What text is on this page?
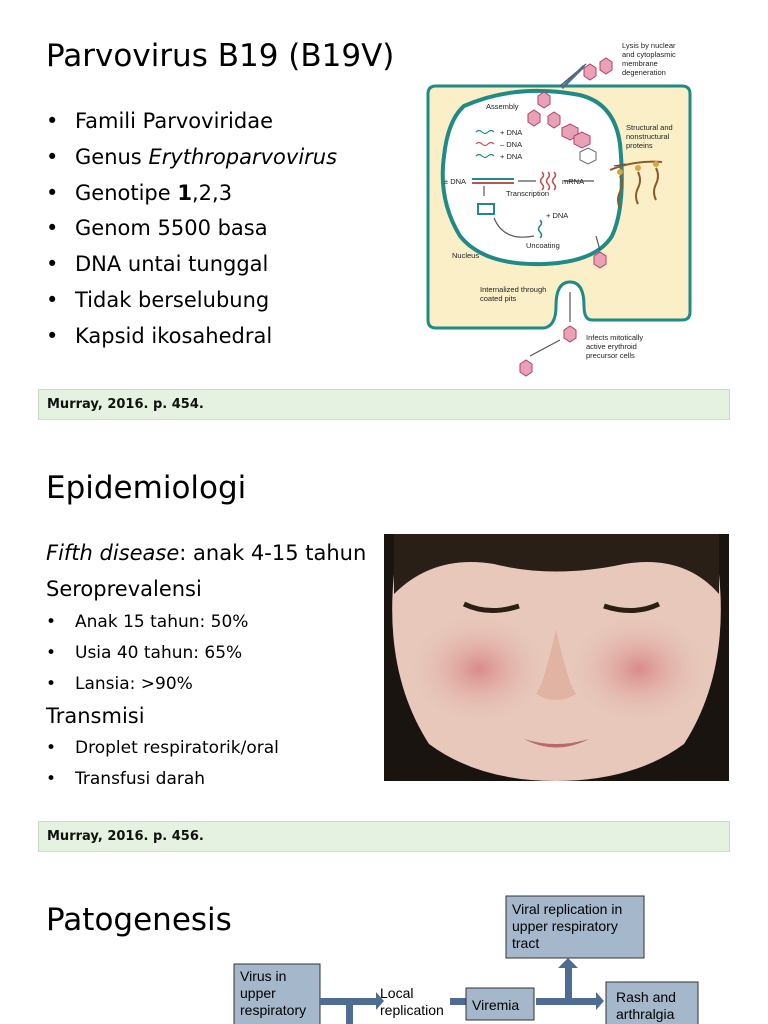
Parvovirus B19 (B19V)
• Famili Parvoviridae
• Genus Erythroparvovirus
• Genotipe 1,2,3
• Genom 5500 basa
• DNA untai tunggal
• Tidak berselubung
• Kapsid ikosahedral
Lysis by nuclear
and cytoplasmic
membrane
degeneration
Assembly
+ DNA
– DNA
+ DNA
± DNA
Transcription
mRNA
+ DNA
Uncoating
Nucleus
Structural and
nonstructural
proteins
Internalized through
coated pits
Infects mitotically
active erythroid
precursor cells
Murray, 2016. p. 454.
Epidemiologi
Fifth disease: anak 4-15 tahun
Seroprevalensi
• Anak 15 tahun: 50%
• Usia 40 tahun: 65%
• Lansia: >90%
Transmisi
• Droplet respiratorik/oral
• Transfusi darah
Murray, 2016. p. 456.
Patogenesis	Viral replication in
upper respiratory
tract
Virus in
upper
respiratory
Local
replication Viremia	Rash and
arthralgia
